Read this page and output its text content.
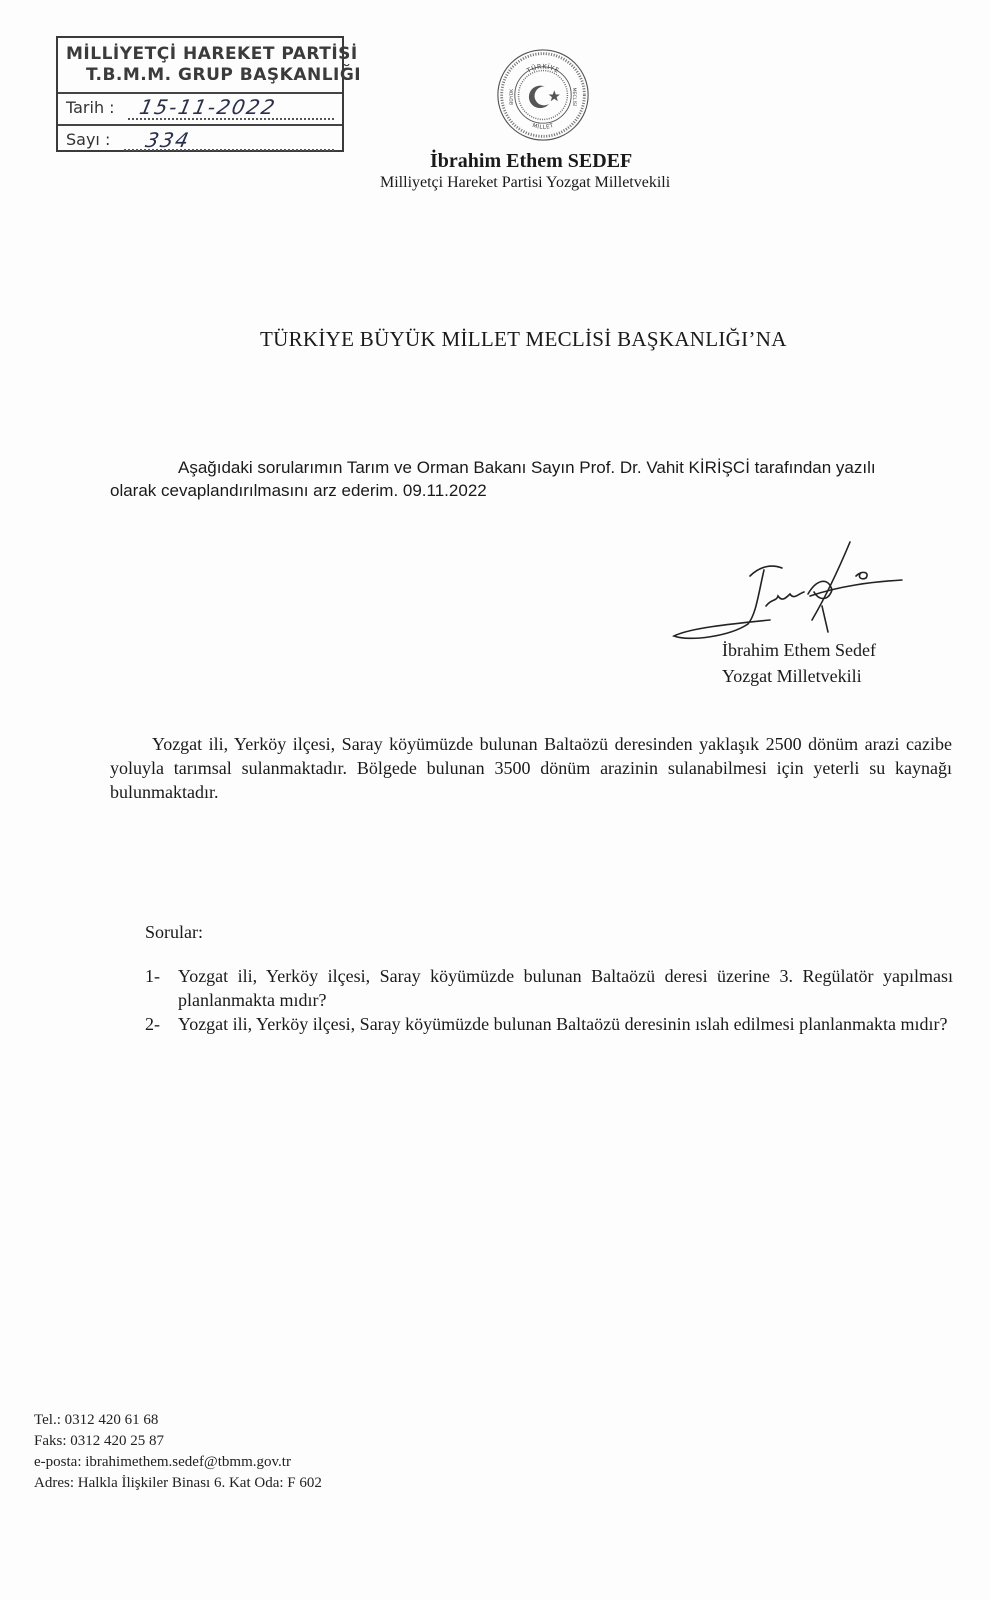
MİLLİYETÇİ HAREKET PARTİSİ
T.B.M.M. GRUP BAŞKANLIĞI
Tarih : 15-11-2022
Sayı : 334
TÜRKİYE
MİLLET
MECLİSİ
BÜYÜK
İbrahim Ethem SEDEF
Milliyetçi Hareket Partisi Yozgat Milletvekili
TÜRKİYE BÜYÜK MİLLET MECLİSİ BAŞKANLIĞI’NA
Aşağıdaki sorularımın Tarım ve Orman Bakanı Sayın Prof. Dr. Vahit KİRİŞCİ tarafından yazılı
olarak cevaplandırılmasını arz ederim. 09.11.2022
İbrahim Ethem Sedef
Yozgat Milletvekili
Yozgat ili, Yerköy ilçesi, Saray köyümüzde bulunan Baltaözü deresinden yaklaşık 2500 dönüm arazi cazibe yoluyla tarımsal sulanmaktadır. Bölgede bulunan 3500 dönüm arazinin sulanabilmesi için yeterli su kaynağı bulunmaktadır.
Sorular:
1- Yozgat ili, Yerköy ilçesi, Saray köyümüzde bulunan Baltaözü deresi üzerine 3. Regülatör yapılması planlanmakta mıdır?
2- Yozgat ili, Yerköy ilçesi, Saray köyümüzde bulunan Baltaözü deresinin ıslah edilmesi planlanmakta mıdır?
Tel.: 0312 420 61 68
Faks: 0312 420 25 87
e-posta: ibrahimethem.sedef@tbmm.gov.tr
Adres: Halkla İlişkiler Binası 6. Kat Oda: F 602
